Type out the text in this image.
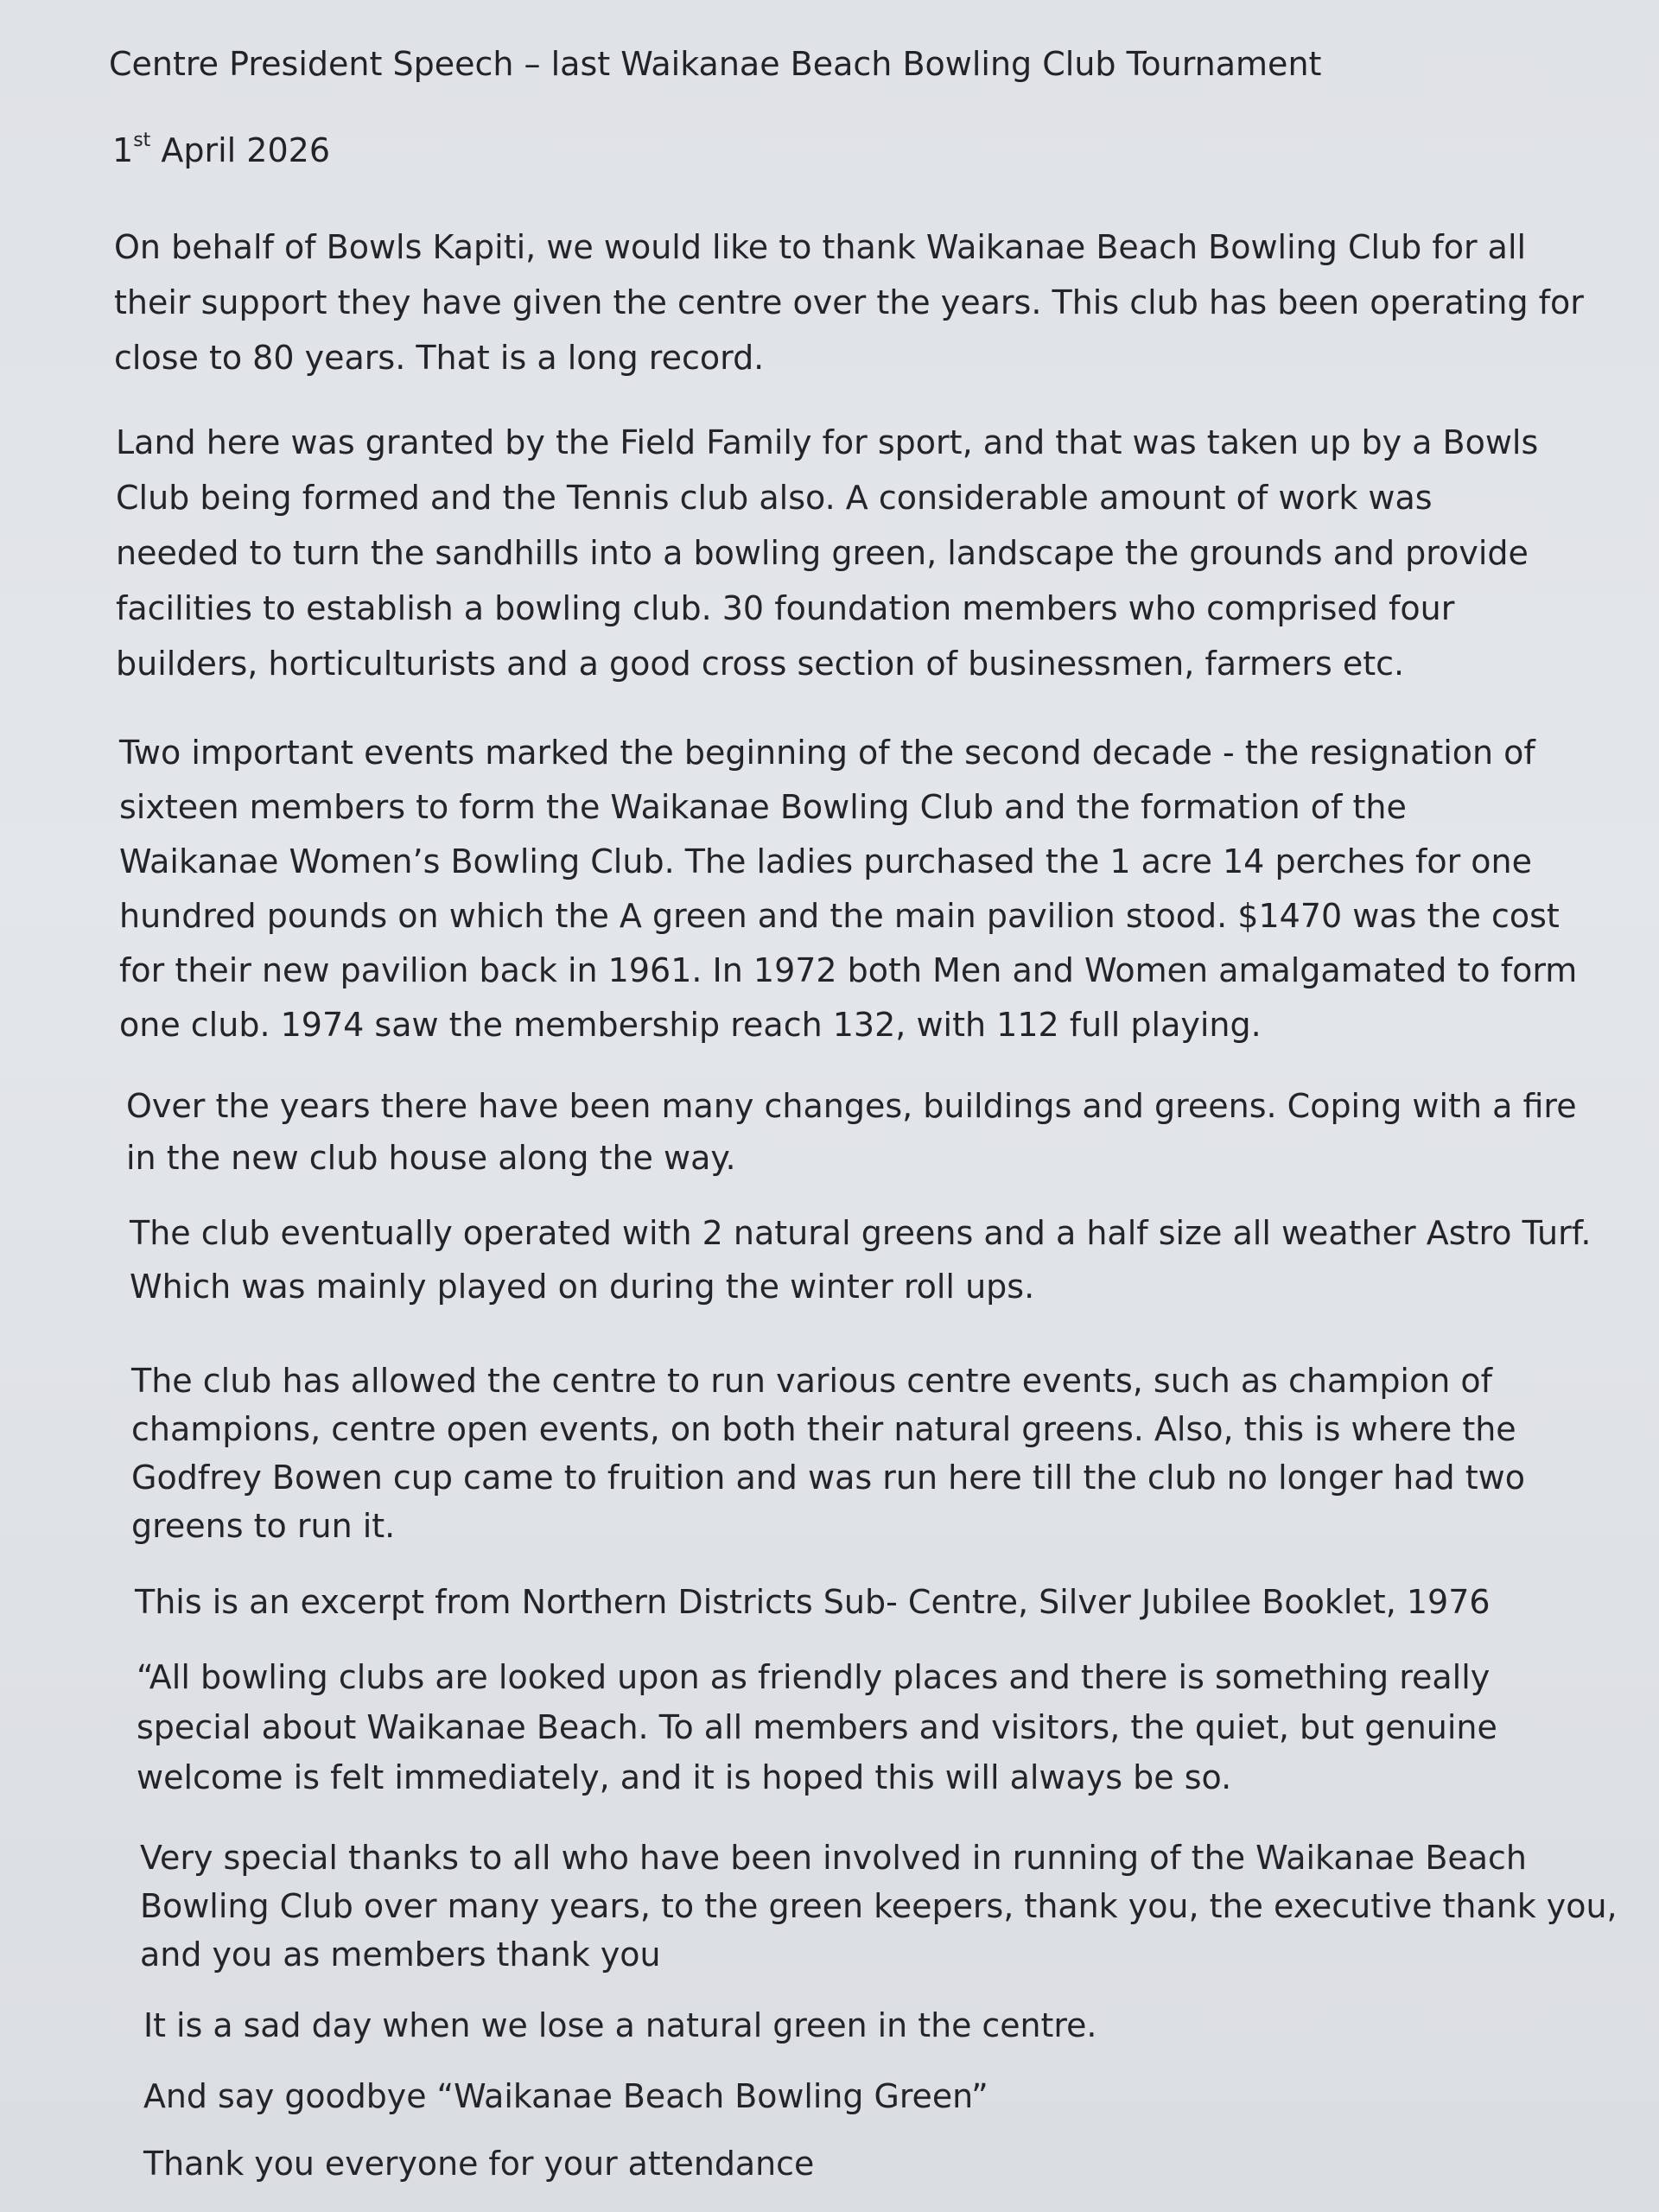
Centre President Speech – last Waikanae Beach Bowling Club Tournament
1st April 2026
On behalf of Bowls Kapiti, we would like to thank Waikanae Beach Bowling Club for all
their support they have given the centre over the years. This club has been operating for
close to 80 years. That is a long record.
Land here was granted by the Field Family for sport, and that was taken up by a Bowls
Club being formed and the Tennis club also. A considerable amount of work was
needed to turn the sandhills into a bowling green, landscape the grounds and provide
facilities to establish a bowling club. 30 foundation members who comprised four
builders, horticulturists and a good cross section of businessmen, farmers etc.
Two important events marked the beginning of the second decade - the resignation of
sixteen members to form the Waikanae Bowling Club and the formation of the
Waikanae Women’s Bowling Club. The ladies purchased the 1 acre 14 perches for one
hundred pounds on which the A green and the main pavilion stood. $1470 was the cost
for their new pavilion back in 1961. In 1972 both Men and Women amalgamated to form
one club. 1974 saw the membership reach 132, with 112 full playing.
Over the years there have been many changes, buildings and greens. Coping with a fire
in the new club house along the way.
The club eventually operated with 2 natural greens and a half size all weather Astro Turf.
Which was mainly played on during the winter roll ups.
The club has allowed the centre to run various centre events, such as champion of
champions, centre open events, on both their natural greens. Also, this is where the
Godfrey Bowen cup came to fruition and was run here till the club no longer had two
greens to run it.
This is an excerpt from Northern Districts Sub- Centre, Silver Jubilee Booklet, 1976
“All bowling clubs are looked upon as friendly places and there is something really
special about Waikanae Beach. To all members and visitors, the quiet, but genuine
welcome is felt immediately, and it is hoped this will always be so.
Very special thanks to all who have been involved in running of the Waikanae Beach
Bowling Club over many years, to the green keepers, thank you, the executive thank you,
and you as members thank you
It is a sad day when we lose a natural green in the centre.
And say goodbye “Waikanae Beach Bowling Green”
Thank you everyone for your attendance
